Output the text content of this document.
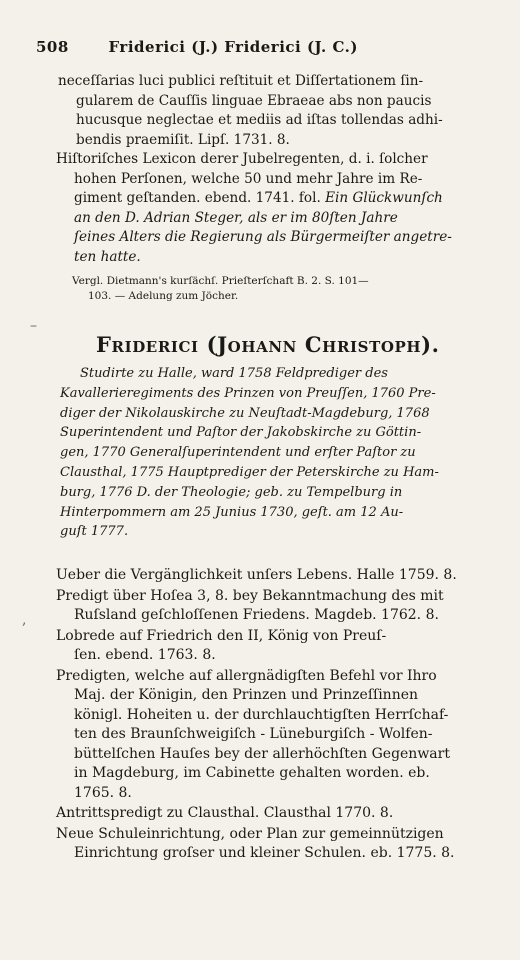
508	Friderici (J.) Friderici (J. C.)

neceſſarias luci publici reſtituit et Diſſertationem ſin-

gularem de Cauſſis linguae Ebraeae abs non paucis

hucusque neglectae et mediis ad iſtas tollendas adhi-

bendis praemiſit. Lipſ. 1731. 8.

Hiſtoriſches Lexicon derer Jubelregenten, d. i. ſolcher

hohen Perſonen, welche 50 und mehr Jahre im Re-

giment geſtanden. ebend. 1741. fol. Ein Glückwunſch

an den D. Adrian Steger, als er im 80ſten Jahre

ſeines Alters die Regierung als Bürgermeiſter angetre-

ten hatte.

Vergl. Dietmann's kurſächſ. Prieſterſchaft B. 2. S. 101—
103. — Adelung zum Jöcher.
Friderici (Johann Christoph).
Studirte zu Halle, ward 1758 Feldprediger des
Kavallerieregiments des Prinzen von Preuſſen, 1760 Pre-
diger der Nikolauskirche zu Neuſtadt-Magdeburg, 1768
Superintendent und Paſtor der Jakobskirche zu Göttin-
gen, 1770 Generalſuperintendent und erſter Paſtor zu
Clausthal, 1775 Hauptprediger der Peterskirche zu Ham-
burg, 1776 D. der Theologie; geb. zu Tempelburg in
Hinterpommern am 25 Junius 1730, geſt. am 12 Au-
guſt 1777.

Ueber die Vergänglichkeit unſers Lebens. Halle 1759. 8.

Predigt über Hoſea 3, 8. bey Bekanntmachung des mit
Ruſsland geſchloſſenen Friedens. Magdeb. 1762. 8.

Lobrede auf Friedrich den II, König von Preuſ-
ſen. ebend. 1763. 8.

Predigten, welche auf allergnädigſten Befehl vor Ihro
Maj. der Königin, den Prinzen und Prinzeſſinnen
königl. Hoheiten u. der durchlauchtigſten Herrſchaf-
ten des Braunſchweigiſch - Lüneburgiſch - Wolfen-
büttelſchen Hauſes bey der allerhöchſten Gegenwart
in Magdeburg, im Cabinette gehalten worden. eb.
1765. 8.

Antrittspredigt zu Clausthal. Clausthal 1770. 8.

Neue Schuleinrichtung, oder Plan zur gemeinnützigen
Einrichtung groſser und kleiner Schulen. eb. 1775. 8.

–
,
